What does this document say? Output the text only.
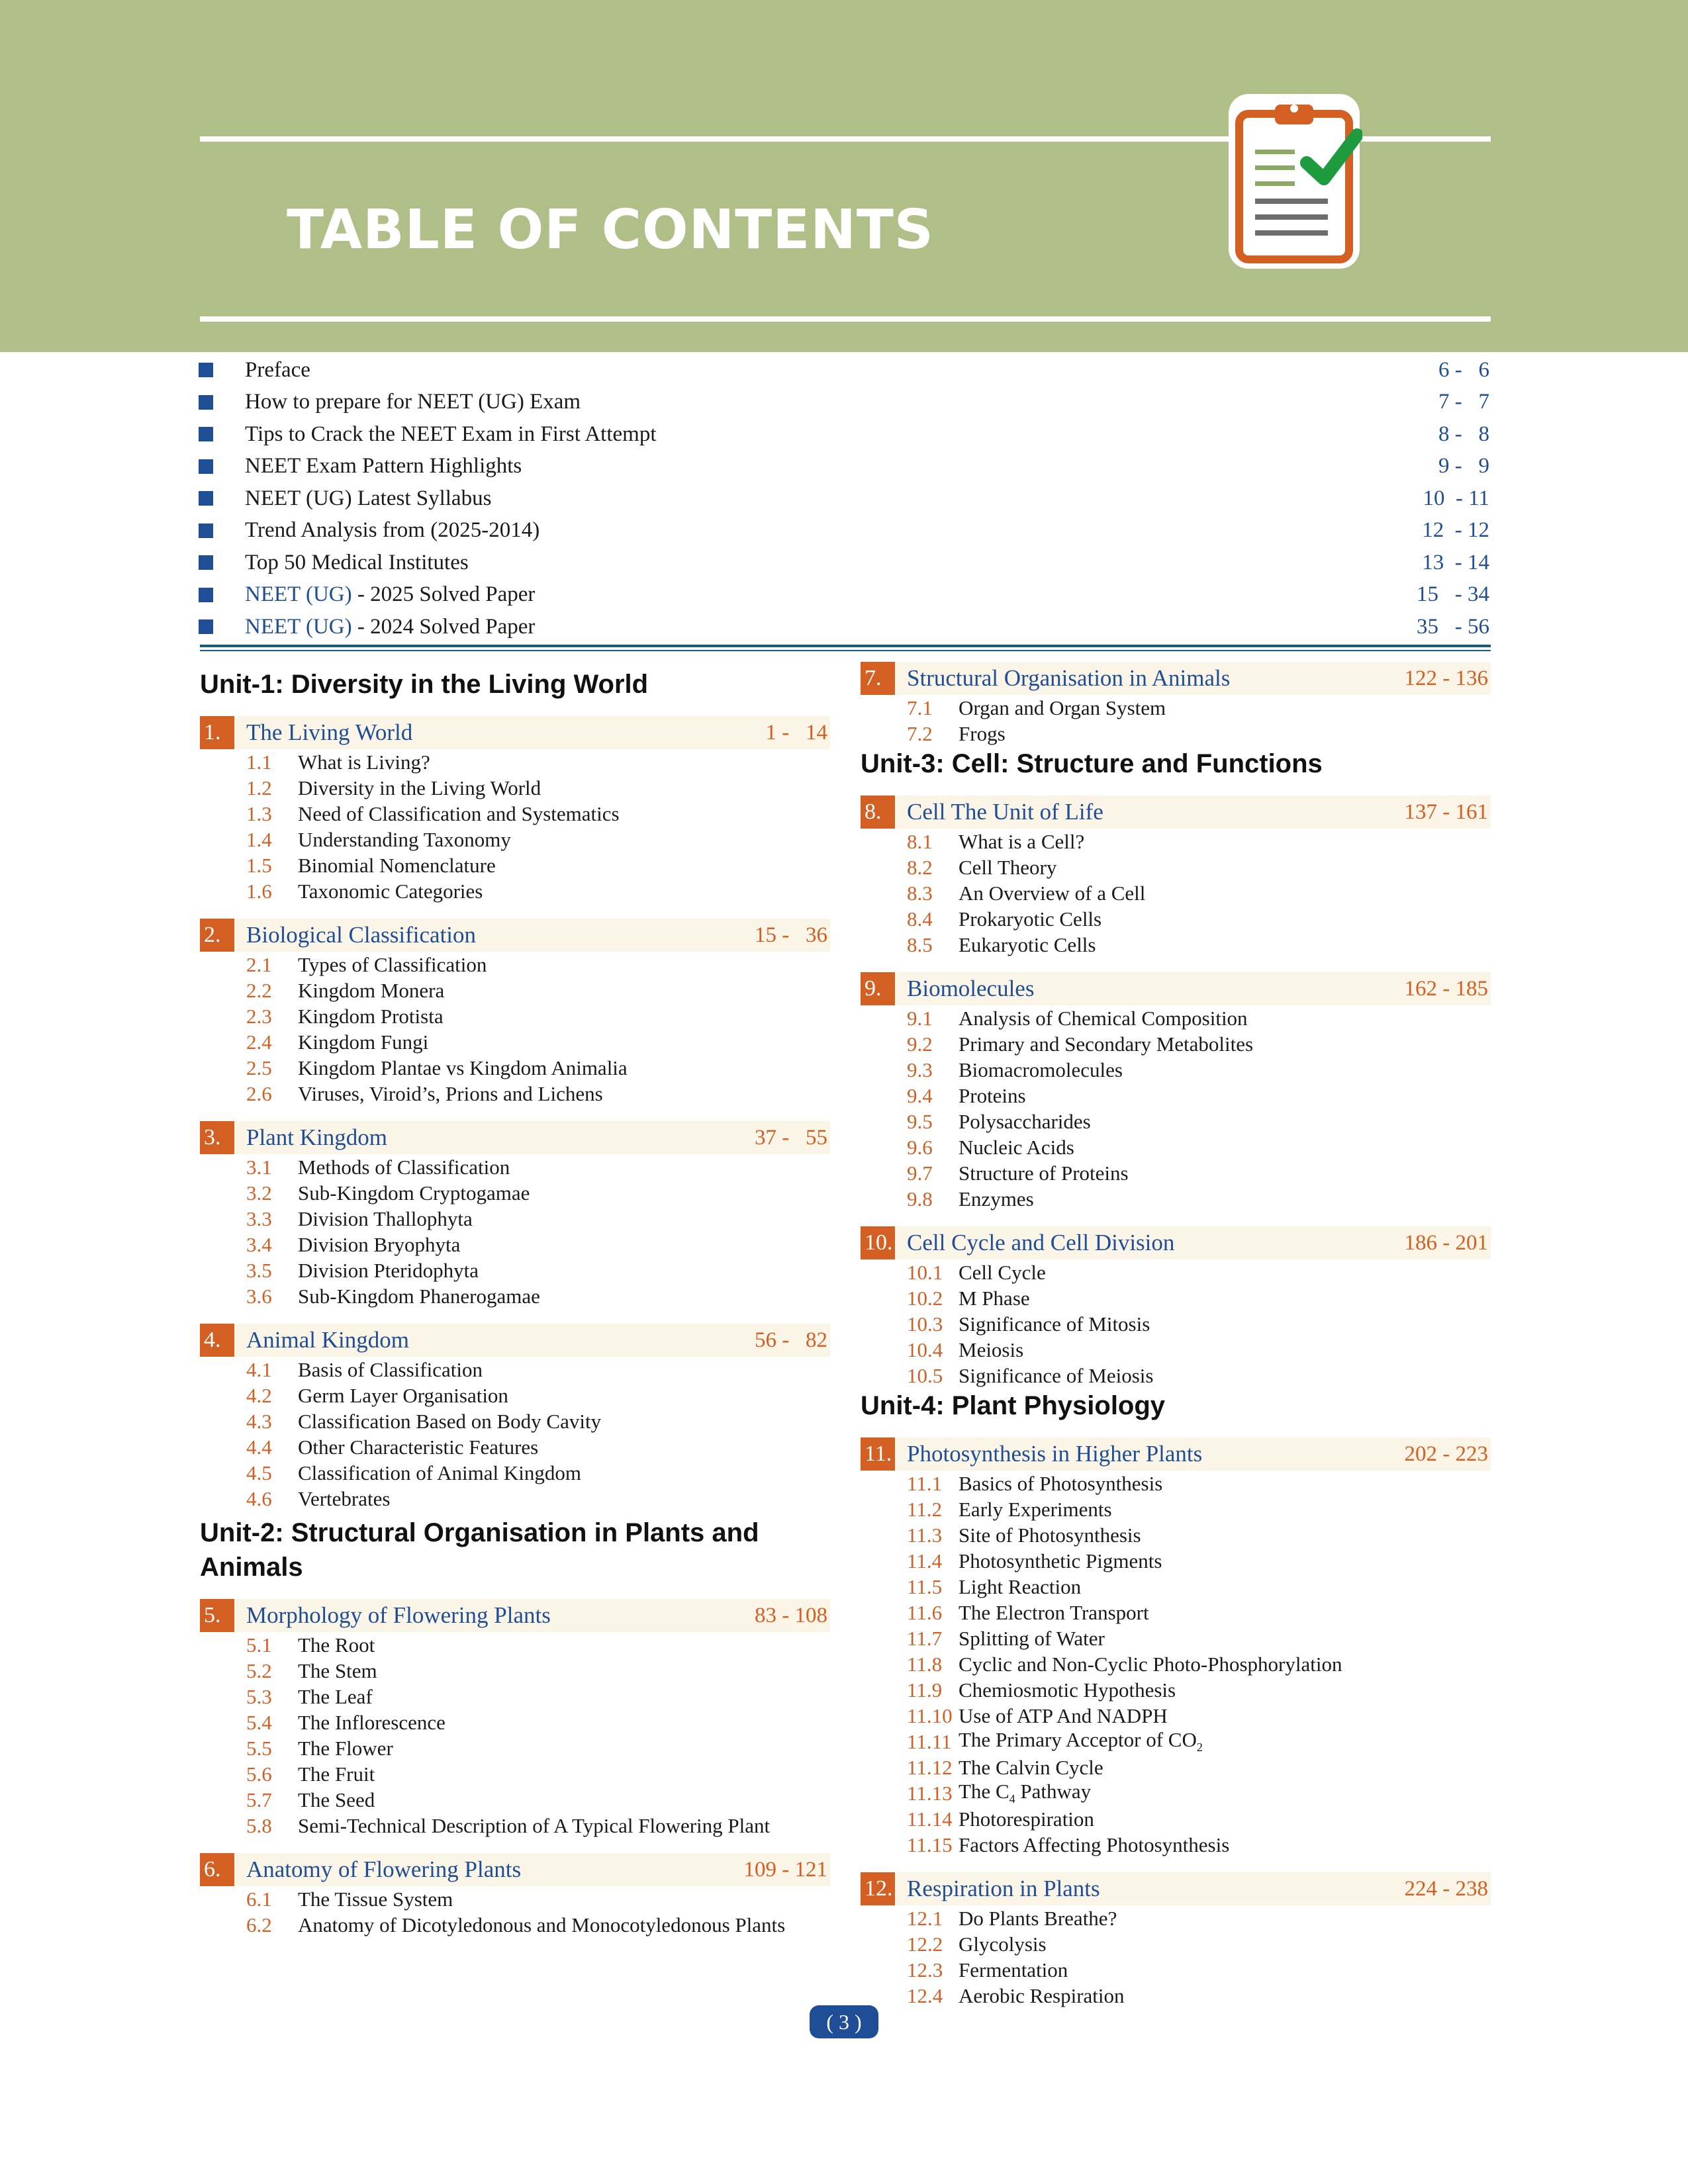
TABLE OF CONTENTS
Preface	6 -   6
How to prepare for NEET (UG) Exam	7 -   7
Tips to Crack the NEET Exam in First Attempt	8 -   8
NEET Exam Pattern Highlights	9 -   9
NEET (UG) Latest Syllabus	10  - 11
Trend Analysis from (2025-2014)	12  - 12
Top 50 Medical Institutes	13  - 14
NEET (UG) - 2025 Solved Paper	15   - 34
NEET (UG) - 2024 Solved Paper	35   - 56
Unit-1: Diversity in the Living World
1.	The Living World	1 -   14
1.1	What is Living?
1.2	Diversity in the Living World
1.3	Need of Classification and Systematics
1.4	Understanding Taxonomy
1.5	Binomial Nomenclature
1.6	Taxonomic Categories
2.	Biological Classification	15 -   36
2.1	Types of Classification
2.2	Kingdom Monera
2.3	Kingdom Protista
2.4	Kingdom Fungi
2.5	Kingdom Plantae vs Kingdom Animalia
2.6	Viruses, Viroid’s, Prions and Lichens
3.	Plant Kingdom	37 -   55
3.1	Methods of Classification
3.2	Sub-Kingdom Cryptogamae
3.3	Division Thallophyta
3.4	Division Bryophyta
3.5	Division Pteridophyta
3.6	Sub-Kingdom Phanerogamae
4.	Animal Kingdom	56 -   82
4.1	Basis of Classification
4.2	Germ Layer Organisation
4.3	Classification Based on Body Cavity
4.4	Other Characteristic Features
4.5	Classification of Animal Kingdom
4.6	Vertebrates
Unit-2: Structural Organisation in Plants and Animals
5.	Morphology of Flowering Plants	83 - 108
5.1	The Root
5.2	The Stem
5.3	The Leaf
5.4	The Inflorescence
5.5	The Flower
5.6	The Fruit
5.7	The Seed
5.8	Semi-Technical Description of A Typical Flowering Plant
6.	Anatomy of Flowering Plants	109 - 121
6.1	The Tissue System
6.2	Anatomy of Dicotyledonous and Monocotyledonous Plants
7.	Structural Organisation in Animals	122 - 136
7.1	Organ and Organ System
7.2	Frogs
Unit-3: Cell: Structure and Functions
8.	Cell The Unit of Life	137 - 161
8.1	What is a Cell?
8.2	Cell Theory
8.3	An Overview of a Cell
8.4	Prokaryotic Cells
8.5	Eukaryotic Cells
9.	Biomolecules	162 - 185
9.1	Analysis of Chemical Composition
9.2	Primary and Secondary Metabolites
9.3	Biomacromolecules
9.4	Proteins
9.5	Polysaccharides
9.6	Nucleic Acids
9.7	Structure of Proteins
9.8	Enzymes
10. Cell Cycle and Cell Division	186 - 201
10.1 Cell Cycle
10.2 M Phase
10.3 Significance of Mitosis
10.4 Meiosis
10.5 Significance of Meiosis
Unit-4: Plant Physiology
11. Photosynthesis in Higher Plants	202 - 223
11.1 Basics of Photosynthesis
11.2 Early Experiments
11.3 Site of Photosynthesis
11.4 Photosynthetic Pigments
11.5 Light Reaction
11.6 The Electron Transport
11.7 Splitting of Water
11.8 Cyclic and Non-Cyclic Photo-Phosphorylation
11.9 Chemiosmotic Hypothesis
11.10 Use of ATP And NADPH
11.11 The Primary Acceptor of $CO_2$
11.12 The Calvin Cycle
11.13 The $C_4$ Pathway
11.14 Photorespiration
11.15 Factors Affecting Photosynthesis
12. Respiration in Plants	224 - 238
12.1 Do Plants Breathe?
12.2 Glycolysis
12.3 Fermentation
12.4 Aerobic Respiration
( 3 )
